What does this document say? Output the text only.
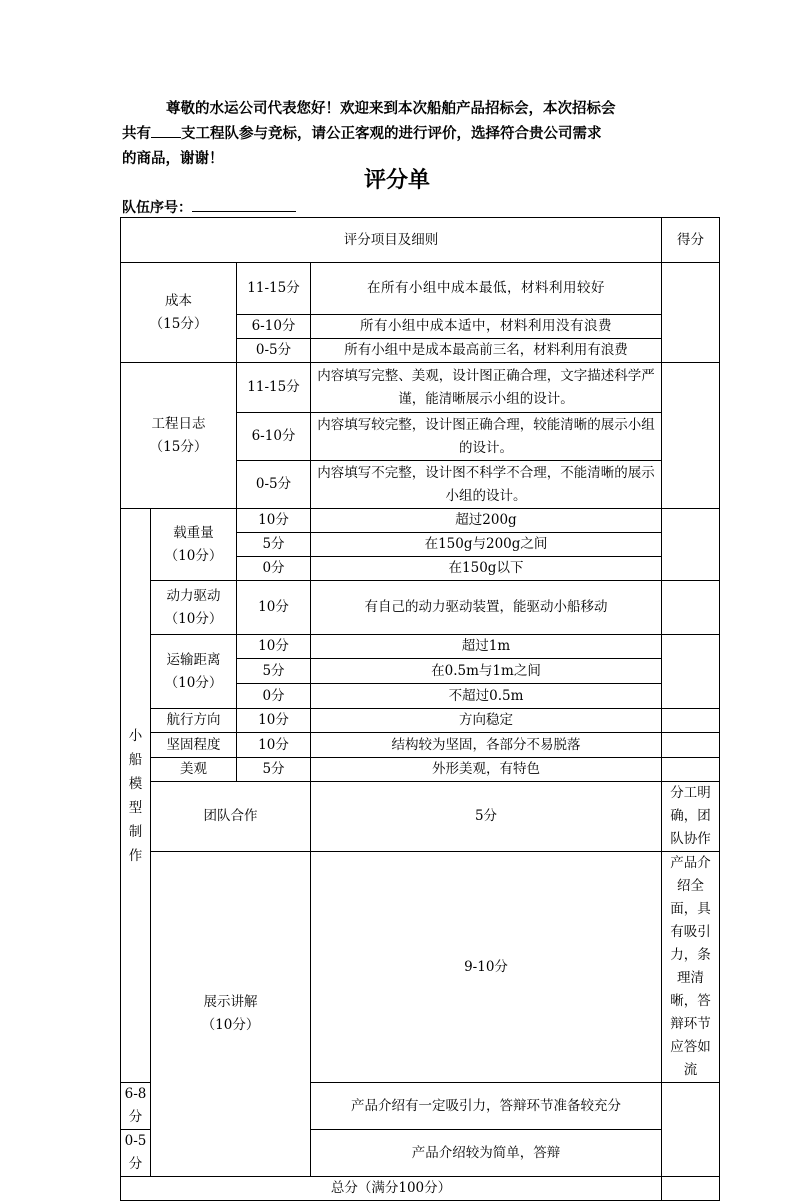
尊敬的水运公司代表您好！欢迎来到本次船舶产品招标会，本次招标会

共有 支工程队参与竞标，请公正客观的进行评价，选择符合贵公司需求

的商品，谢谢！

评分单
队伍序号：
评分项目及细则				得分	

成本
（15分）		11-15分	在所有小组中成本最低，材料利用较好		
		6-10分	所有小组中成本适中，材料利用没有浪费		
		0-5分	所有小组中是成本最高前三名，材料利用有浪费		

工程日志
（15分）		11-15分	内容填写完整、美观，设计图正确合理，文字描述科学严谨，能清晰展示小组的设计。		
		6-10分	内容填写较完整，设计图正确合理，较能清晰的展示小组的设计。		
		0-5分	内容填写不完整，设计图不科学不合理，不能清晰的展示小组的设计。		

小船模型制作	载重量
（10分）	10分	超过200g		
		5分	在150g与200g之间		
		0分	在150g以下		

	动力驱动
（10分）	10分	有自己的动力驱动装置，能驱动小船移动		

	运输距离
（10分）	10分	超过1m		
		5分	在0.5m与1m之间		
		0分	不超过0.5m		
	航行方向	10分	方向稳定		
	坚固程度	10分	结构较为坚固，各部分不易脱落		
	美观	5分	外形美观，有特色		
	团队合作		5分	分工明确，团队协作	

	展示讲解
（10分）		9-10分	产品介绍全面，具有吸引力，条理清晰，答辩环节应答如流	
6-8分			产品介绍有一定吸引力，答辩环节准备较充分		
0-5分			产品介绍较为简单，答辩		
总分（满分100分）					
